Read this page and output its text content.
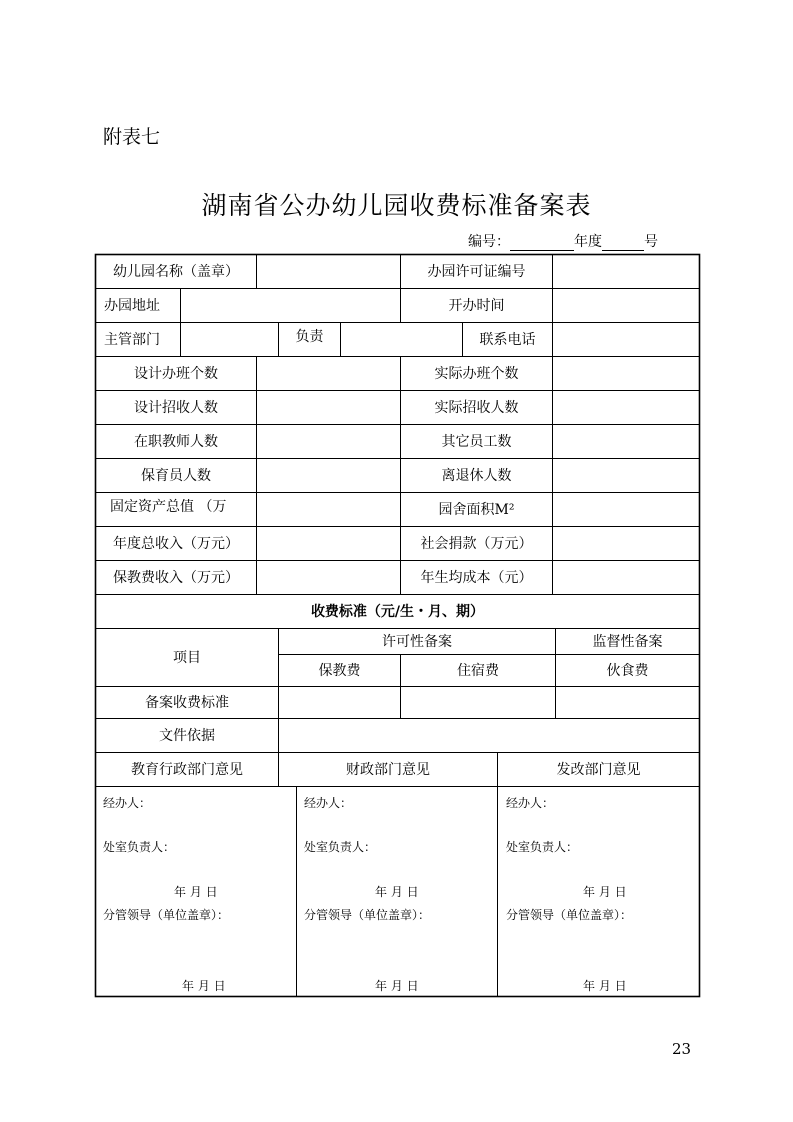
附表七
湖南省公办幼儿园收费标准备案表
编号：	年度	号
幼儿园名称（盖章）	办园许可证编号
办园地址	开办时间
主管部门	负责	联系电话
设计办班个数	实际办班个数
设计招收人数	实际招收人数
在职教师人数	其它员工数
保育员人数	离退休人数
固定资产总值 （万	园舍面积M²
年度总收入（万元）	社会捐款（万元）
保教费收入（万元）	年生均成本（元）
收费标准（元/生・月、期）
项目
许可性备案	监督性备案
保教费	住宿费	伙食费
备案收费标准
文件依据
教育行政部门意见	财政部门意见	发改部门意见
经办人：
处室负责人：
年 月 日
分管领导（单位盖章）：
年 月 日
经办人：
处室负责人：
年 月 日
分管领导（单位盖章）：
年 月 日
经办人：
处室负责人：
年 月 日
分管领导（单位盖章）：
年 月 日
23
